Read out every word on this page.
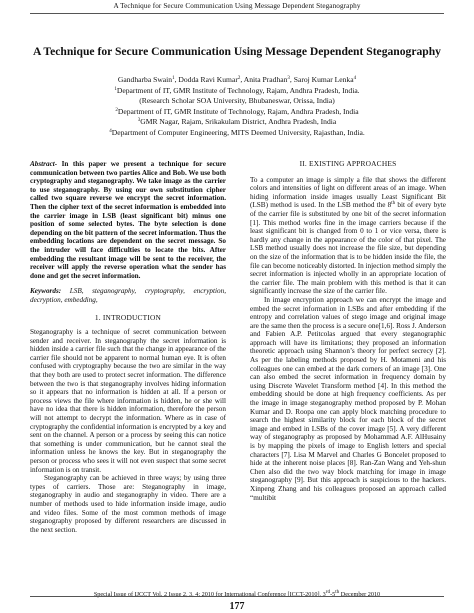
A Technique for Secure Communication Using Message Dependent Steganography
A Technique for Secure Communication Using Message Dependent Steganography
Gandharba Swain$^1$, Dodda Ravi Kumar$^2$, Anita Pradhan$^3$, Saroj Kumar Lenka$^4$
$^1$Department of IT, GMR Institute of Technology, Rajam, Andhra Pradesh, India.
(Research Scholar SOA University, Bhubaneswar, Orissa, India)
$^2$Department of IT, GMR Institute of Technology, Rajam, Andhra Pradesh, India
$^3$GMR Nagar, Rajam, Srikakulam District, Andhra Pradesh, India
$^4$Department of Computer Engineering, MITS Deemed University, Rajasthan, India.

Abstract- In this paper we present a technique for secure communication between two parties Alice and Bob. We use both cryptography and steganography. We take image as the carrier to use steganography. By using our own substitution cipher called two square reverse we encrypt the secret information. Then the cipher text of the secret information is embedded into the carrier image in LSB (least significant bit) minus one position of some selected bytes. The byte selection is done depending on the bit pattern of the secret information. Thus the embedding locations are dependent on the secret message. So the intruder will face difficulties to locate the bits. After embedding the resultant image will be sent to the receiver, the receiver will apply the reverse operation what the sender has done and get the secret information.

Keywords: LSB, steganography, cryptography, encryption, decryption, embedding,

1. INTRODUCTION

Steganography is a technique of secret communication between sender and receiver. In steganography the secret information is hidden inside a carrier file such that the change in appearance of the carrier file should not be apparent to normal human eye. It is often confused with cryptography because the two are similar in the way that they both are used to protect secret information. The difference between the two is that steganography involves hiding information so it appears that no information is hidden at all. If a person or process views the file where information is hidden, he or she will have no idea that there is hidden information, therefore the person will not attempt to decrypt the information. Where as in case of cryptography the confidential information is encrypted by a key and sent on the channel. A person or a process by seeing this can notice that something is under communication, but he cannot steal the information unless he knows the key. But in steganography the person or process who sees it will not even suspect that some secret information is on transit.

Steganography can be achieved in three ways; by using three types of carriers. Those are: Steganography in image, steganography in audio and steganography in video. There are a number of methods used to hide information inside image, audio and video files. Some of the most common methods of image steganography proposed by different researchers are discussed in the next section.

II. EXISTING APPROACHES

To a computer an image is simply a file that shows the different colors and intensities of light on different areas of an image. When hiding information inside images usually Least Significant Bit (LSB) method is used. In the LSB method the 8th bit of every byte of the carrier file is substituted by one bit of the secret information [1]. This method works fine in the image carriers because if the least significant bit is changed from 0 to 1 or vice versa, there is hardly any change in the appearance of the color of that pixel. The LSB method usually does not increase the file size, but depending on the size of the information that is to be hidden inside the file, the file can become noticeably distorted. In injection method simply the secret information is injected wholly in an appropriate location of the carrier file. The main problem with this method is that it can significantly increase the size of the carrier file.

In image encryption approach we can encrypt the image and embed the secret information in LSBs and after embedding if the entropy and correlation values of stego image and original image are the same then the process is a secure one[1,6]. Ross J. Anderson and Fabien A.P. Petitcolas argued that every steganographic approach will have its limitations; they proposed an information theoretic approach using Shannon’s theory for perfect secrecy [2]. As per the labeling methods proposed by H. Motameni and his colleagues one can embed at the dark corners of an image [3]. One can also embed the secret information in frequency domain by using Discrete Wavelet Transform method [4]. In this method the embedding should be done at high frequency coefficients. As per the image in image steganography method proposed by P. Mohan Kumar and D. Roopa one can apply block matching procedure to search the highest similarity block for each block of the secret image and embed in LSBs of the cover image [5]. A very different way of steganography as proposed by Mohammad A.F. AlHusainy is by mapping the pixels of image to English letters and special characters [7]. Lisa M Marvel and Charles G Boncelet proposed to hide at the inherent noise places [8]. Ran-Zan Wang and Yeh-shun Chen also did the two way block matching for image in image steganography [9]. But this approach is suspicious to the hackers. Xinpeng Zhang and his colleagues proposed an approach called “multibit

Special Issue of IJCCT Vol. 2 Issue 2, 3, 4; 2010 for International Conference [ICCT-2010], 3rd-5th December 2010
177
